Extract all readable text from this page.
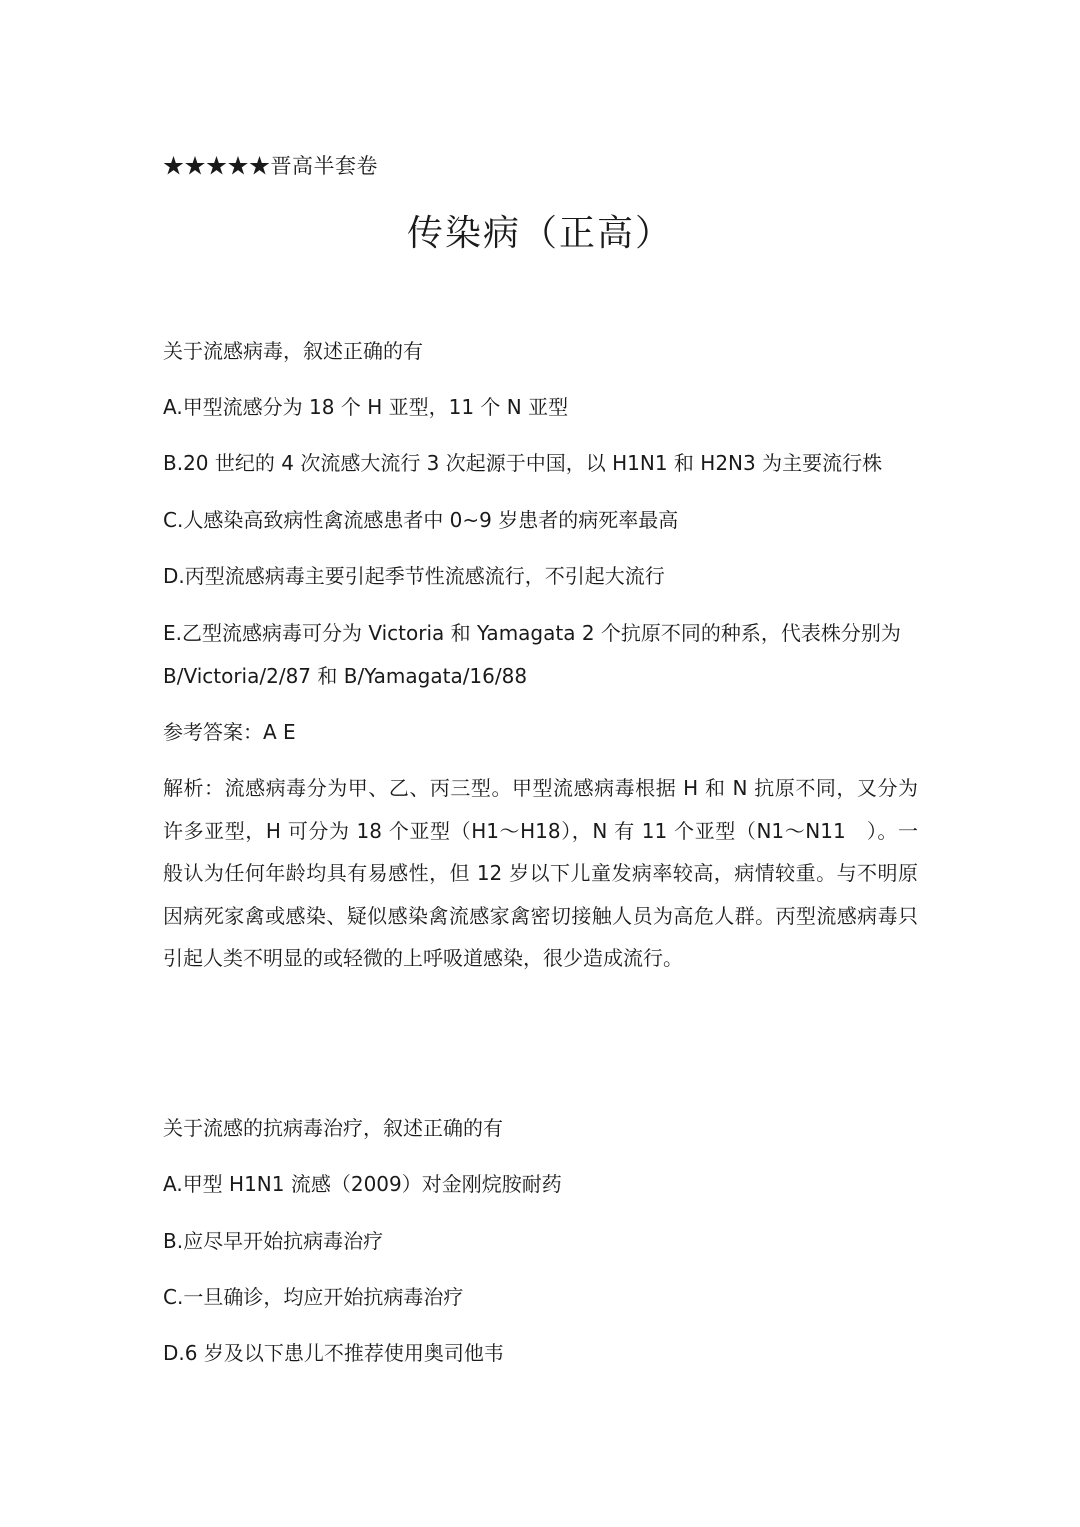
★★★★★晋高半套卷
传染病（正高）
关于流感病毒，叙述正确的有
A.甲型流感分为 18 个 H 亚型，11 个 N 亚型
B.20 世纪的 4 次流感大流行 3 次起源于中国，以 H1N1 和 H2N3 为主要流行株
C.人感染高致病性禽流感患者中 0~9 岁患者的病死率最高
D.丙型流感病毒主要引起季节性流感流行，不引起大流行
E.乙型流感病毒可分为 Victoria 和 Yamagata 2 个抗原不同的种系，代表株分别为 B/Victoria/2/87 和 B/Yamagata/16/88
参考答案：A E
解析：流感病毒分为甲、乙、丙三型。甲型流感病毒根据 H 和 N 抗原不同，又分为许多亚型，H 可分为 18 个亚型（H1～H18），N 有 11 个亚型（N1～N11　）。一般认为任何年龄均具有易感性，但 12 岁以下儿童发病率较高，病情较重。与不明原因病死家禽或感染、疑似感染禽流感家禽密切接触人员为高危人群。丙型流感病毒只引起人类不明显的或轻微的上呼吸道感染，很少造成流行。
关于流感的抗病毒治疗，叙述正确的有
A.甲型 H1N1 流感（2009）对金刚烷胺耐药
B.应尽早开始抗病毒治疗
C.一旦确诊，均应开始抗病毒治疗
D.6 岁及以下患儿不推荐使用奥司他韦
